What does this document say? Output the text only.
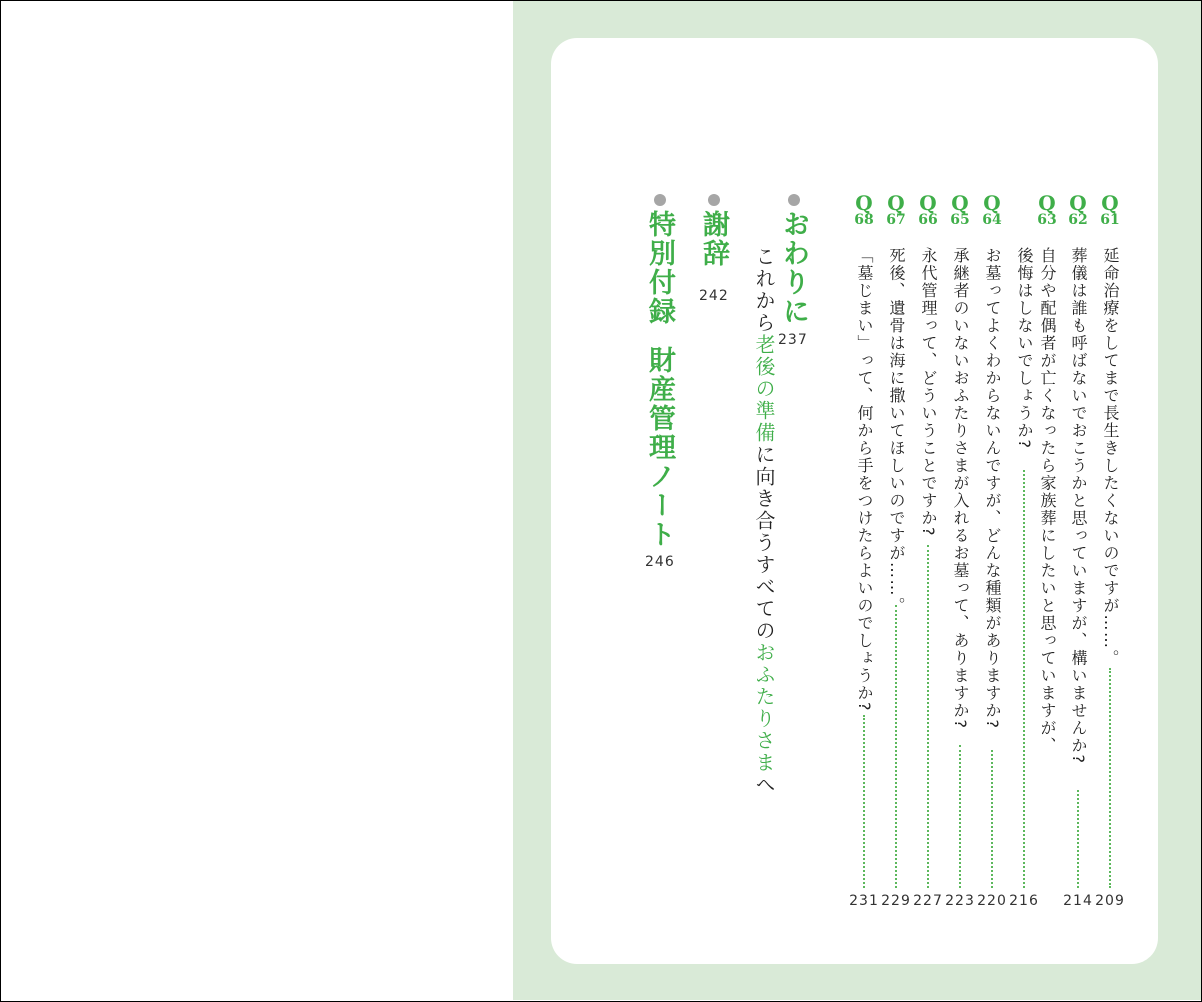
Q
61
延命治療をしてまで長生きしたくないのですが……。
209
Q
62
葬儀は誰も呼ばないでおこうかと思っていますが、構いませんか?
214
Q
63
自分や配偶者が亡くなったら家族葬にしたいと思っていますが、
後悔はしないでしょうか?
216
Q
64
お墓ってよくわからないんですが、どんな種類がありますか?
220
Q
65
承継者のいないおふたりさまが入れるお墓って、ありますか?
223
Q
66
永代管理って、どういうことですか?
227
Q
67
死後、遺骨は海に撒いてほしいのですが……。
229
Q
68
「墓じまい」って、何から手をつけたらよいのでしょうか?
231
おわりに
これから老後の準備に向き合うすべてのおふたりさまへ
237
謝辞
242
特別付録
財産管理ノート
246
